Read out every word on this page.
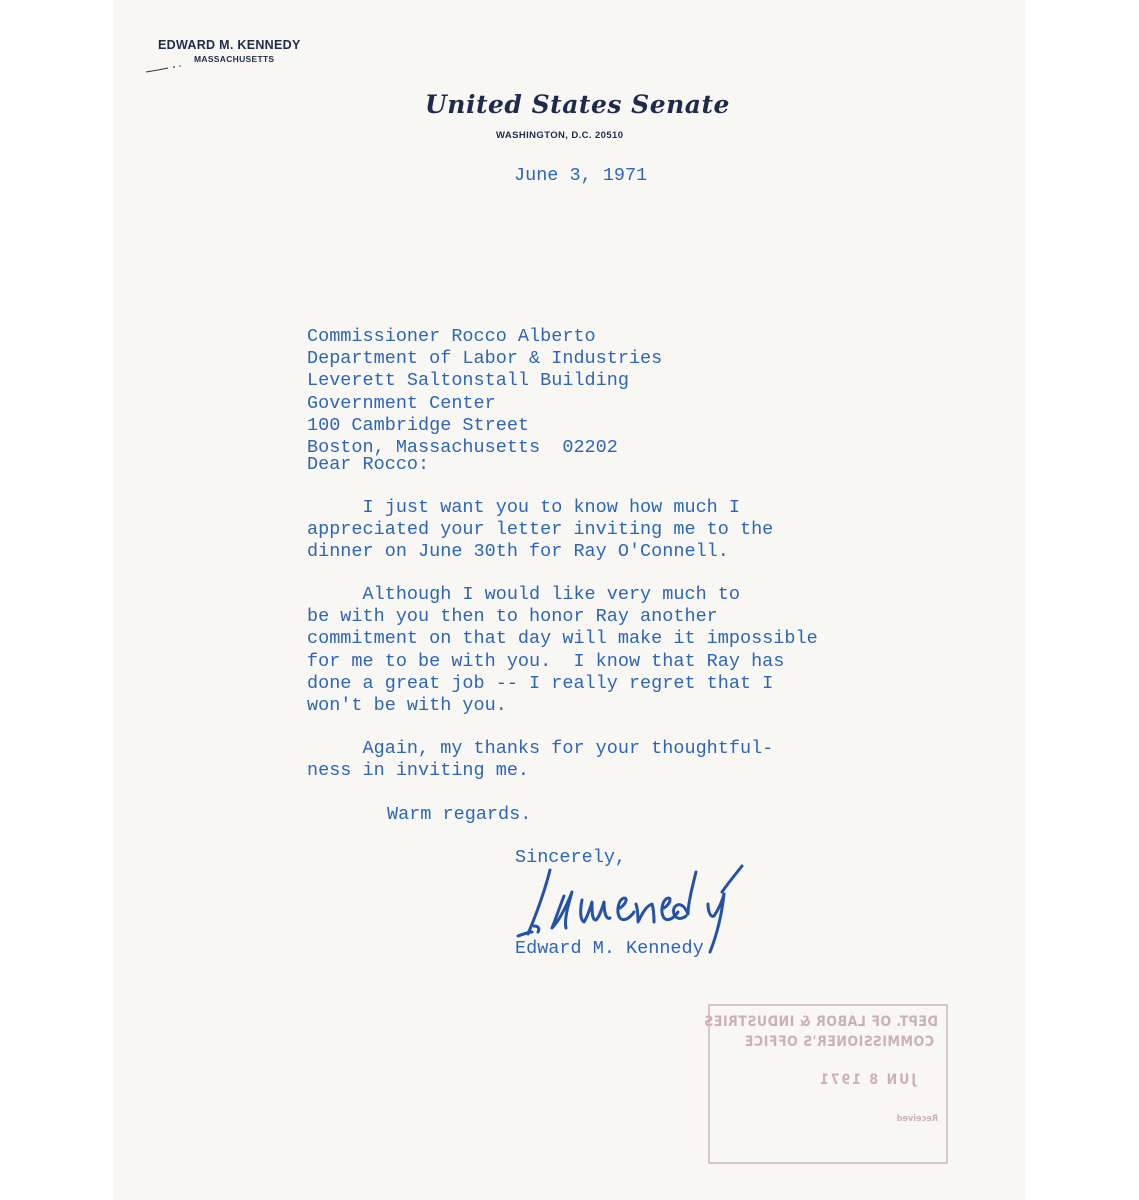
EDWARD M. KENNEDY
MASSACHUSETTS
United States Senate
WASHINGTON, D.C. 20510
June 3, 1971
Commissioner Rocco Alberto
Department of Labor & Industries
Leverett Saltonstall Building
Government Center
100 Cambridge Street
Boston, Massachusetts  02202
Dear Rocco:
I just want you to know how much I
appreciated your letter inviting me to the
dinner on June 30th for Ray O'Connell.
Although I would like very much to
be with you then to honor Ray another
commitment on that day will make it impossible
for me to be with you.  I know that Ray has
done a great job -- I really regret that I
won't be with you.
Again, my thanks for your thoughtful-
ness in inviting me.
Warm regards.
Sincerely,
Edward M. Kennedy
DEPT. OF LABOR & INDUSTRIES
COMMISSIONER'S OFFICE
JUN 8 1971
Received
